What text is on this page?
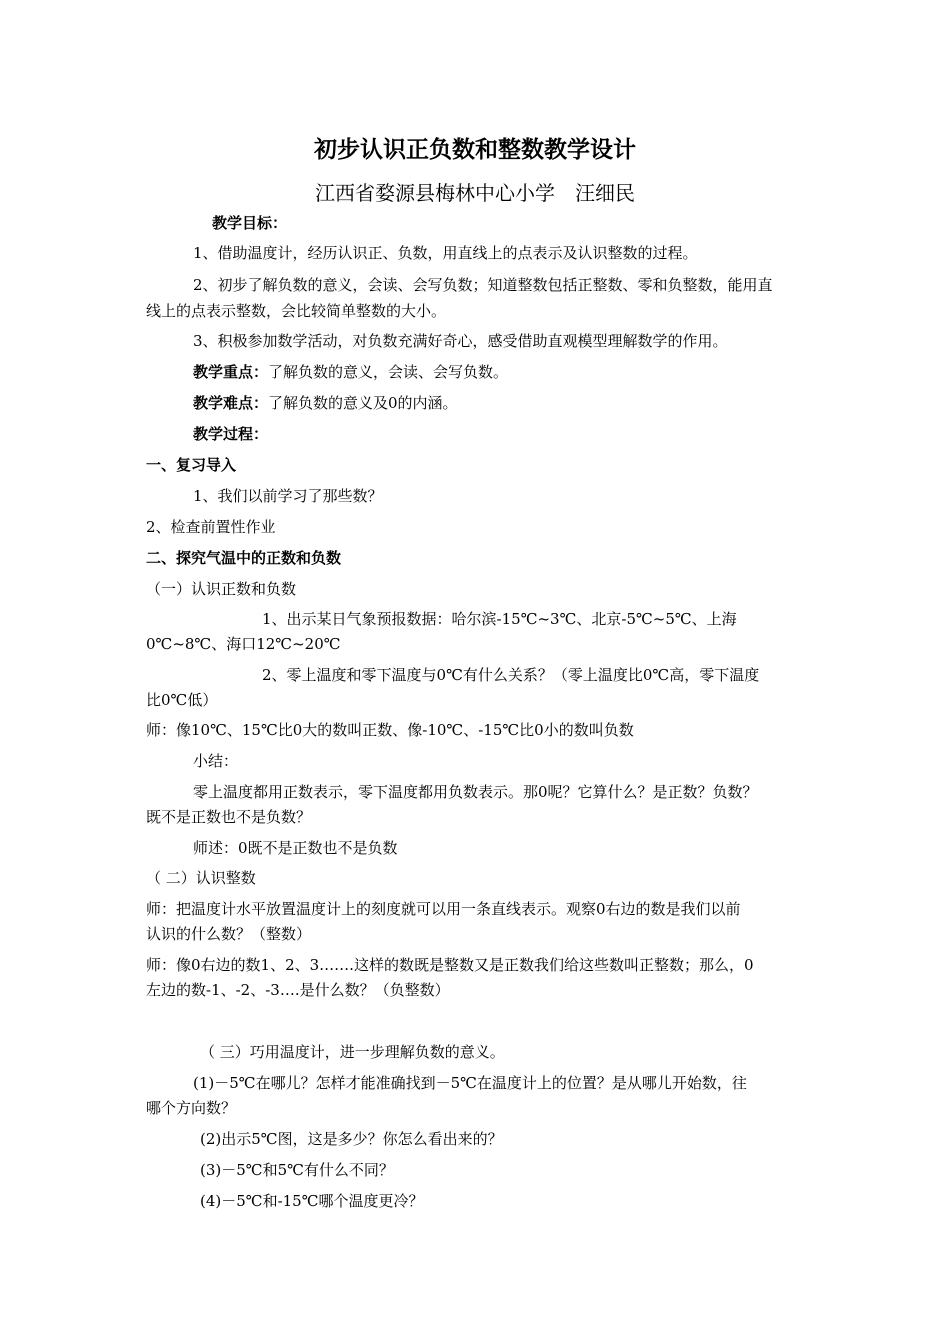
初步认识正负数和整数教学设计
江西省婺源县梅林中心小学　汪细民
教学目标：
1、借助温度计，经历认识正、负数，用直线上的点表示及认识整数的过程。
2、初步了解负数的意义，会读、会写负数；知道整数包括正整数、零和负整数，能用直
线上的点表示整数，会比较简单整数的大小。
3、积极参加数学活动，对负数充满好奇心，感受借助直观模型理解数学的作用。
教学重点：了解负数的意义，会读、会写负数。
教学难点：了解负数的意义及0的内涵。
教学过程：
一、复习导入
1、我们以前学习了那些数？
2、检查前置性作业
二、探究气温中的正数和负数
（一）认识正数和负数
1、出示某日气象预报数据：哈尔滨-15℃~3℃、北京-5℃~5℃、上海
0℃~8℃、海口12℃~20℃
2、零上温度和零下温度与0℃有什么关系？（零上温度比0℃高，零下温度
比0℃低）
师：像10℃、15℃比0大的数叫正数、像-10℃、-15℃比0小的数叫负数
小结：
零上温度都用正数表示，零下温度都用负数表示。那0呢？它算什么？是正数？负数？
既不是正数也不是负数？
师述：0既不是正数也不是负数
（ 二）认识整数
师：把温度计水平放置温度计上的刻度就可以用一条直线表示。观察0右边的数是我们以前
认识的什么数？（整数）
师：像0右边的数1、2、3…….这样的数既是整数又是正数我们给这些数叫正整数；那么，0
左边的数-1、-2、-3….是什么数？（负整数）
（ 三）巧用温度计，进一步理解负数的意义。
(1)－5℃在哪儿？怎样才能准确找到－5℃在温度计上的位置？是从哪儿开始数，往
哪个方向数？
(2)出示5℃图，这是多少？你怎么看出来的？
(3)－5℃和5℃有什么不同？
(4)－5℃和-15℃哪个温度更冷？
